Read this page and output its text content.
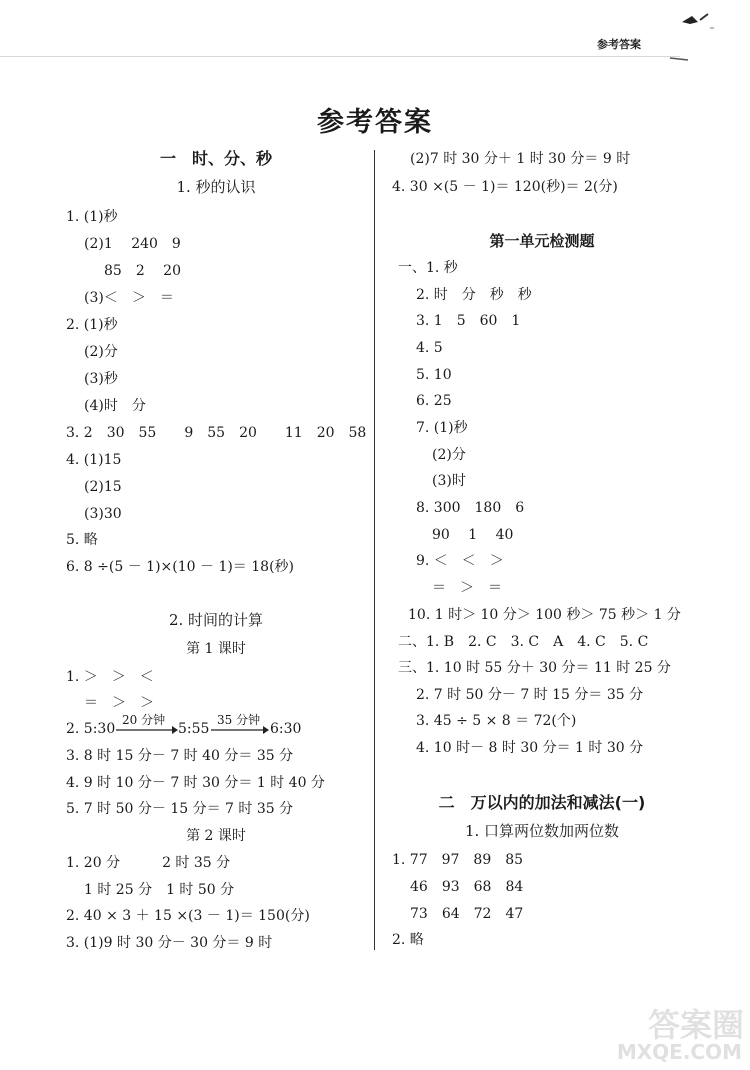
参考答案
参考答案
一　时、分、秒
1. 秒的认识
1. (1)秒
(2)1　 240　9
85　2　 20
(3)＜　＞　＝
2. (1)秒
(2)分
(3)秒
(4)时　分
3. 2　30　55　　9　55　20　　11　20　58
4. (1)15
(2)15
(3)30
5. 略
6. 8 ÷(5 － 1)×(10 － 1)＝ 18(秒)
2. 时间的计算
第 1 课时
1. ＞　＞　＜
＝　＞　＞
2. 5:30
20 分钟
5:55
35 分钟
6:30
3. 8 时 15 分－ 7 时 40 分＝ 35 分
4. 9 时 10 分－ 7 时 30 分＝ 1 时 40 分
5. 7 时 50 分－ 15 分＝ 7 时 35 分
第 2 课时
1. 20 分　　　2 时 35 分
1 时 25 分　1 时 50 分
2. 40 × 3 ＋ 15 ×(3 － 1)＝ 150(分)
3. (1)9 时 30 分－ 30 分＝ 9 时
(2)7 时 30 分＋ 1 时 30 分＝ 9 时
4. 30 ×(5 － 1)＝ 120(秒)＝ 2(分)
第一单元检测题
一、1. 秒
2. 时　分　秒　秒
3. 1　5　60　1
4. 5
5. 10
6. 25
7. (1)秒
(2)分
(3)时
8. 300　180　6
90　 1　 40
9. ＜　＜　＞
＝　＞　＝
10. 1 时＞ 10 分＞ 100 秒＞ 75 秒＞ 1 分
二、1. B　2. C　3. C　A　4. C　5. C
三、1. 10 时 55 分＋ 30 分＝ 11 时 25 分
2. 7 时 50 分－ 7 时 15 分＝ 35 分
3. 45 ÷ 5 × 8 ＝ 72(个)
4. 10 时－ 8 时 30 分＝ 1 时 30 分
二　万以内的加法和减法(一)
1. 口算两位数加两位数
1. 77　97　89　85
46　93　68　84
73　64　72　47
2. 略
答案圈
MXQE.COM
